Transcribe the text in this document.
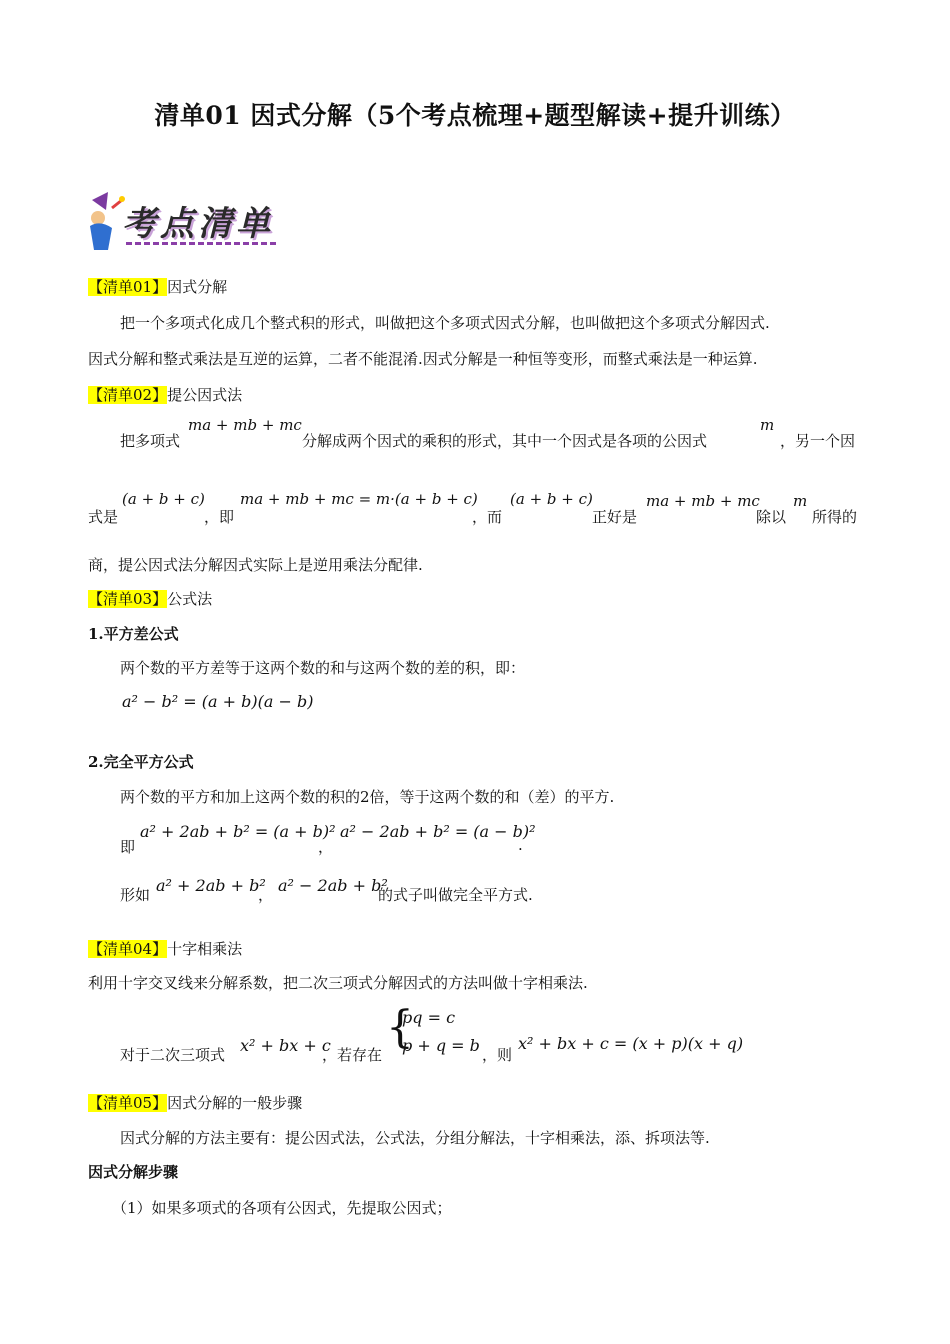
清单01 因式分解（5个考点梳理+题型解读+提升训练）
考点清单
【清单01】因式分解
把一个多项式化成几个整式积的形式，叫做把这个多项式因式分解，也叫做把这个多项式分解因式.
因式分解和整式乘法是互逆的运算，二者不能混淆.因式分解是一种恒等变形，而整式乘法是一种运算.
【清单02】提公因式法
把多项式
ma + mb + mc
分解成两个因式的乘积的形式，其中一个因式是各项的公因式
m
，另一个因
式是
(a + b + c)
，即
ma + mb + mc = m·(a + b + c)
，而
(a + b + c)
正好是
ma + mb + mc
除以
m
所得的
商，提公因式法分解因式实际上是逆用乘法分配律.
【清单03】公式法
1.平方差公式
两个数的平方差等于这两个数的和与这两个数的差的积，即：
a² − b² = (a + b)(a − b)
2.完全平方公式
两个数的平方和加上这两个数的积的2倍，等于这两个数的和（差）的平方.
即
a² + 2ab + b² = (a + b)²
，
a² − 2ab + b² = (a − b)²
.
形如 a² + 2ab + b²
， a² − 2ab + b²
的式子叫做完全平方式.
【清单04】十字相乘法
利用十字交叉线来分解系数，把二次三项式分解因式的方法叫做十字相乘法.
对于二次三项式 x² + bx + c
，若存在
{
pq = c
p + q = b ，则
x² + bx + c = (x + p)(x + q)
【清单05】因式分解的一般步骤
因式分解的方法主要有：提公因式法，公式法，分组分解法，十字相乘法，添、拆项法等.
因式分解步骤
（1）如果多项式的各项有公因式，先提取公因式；
